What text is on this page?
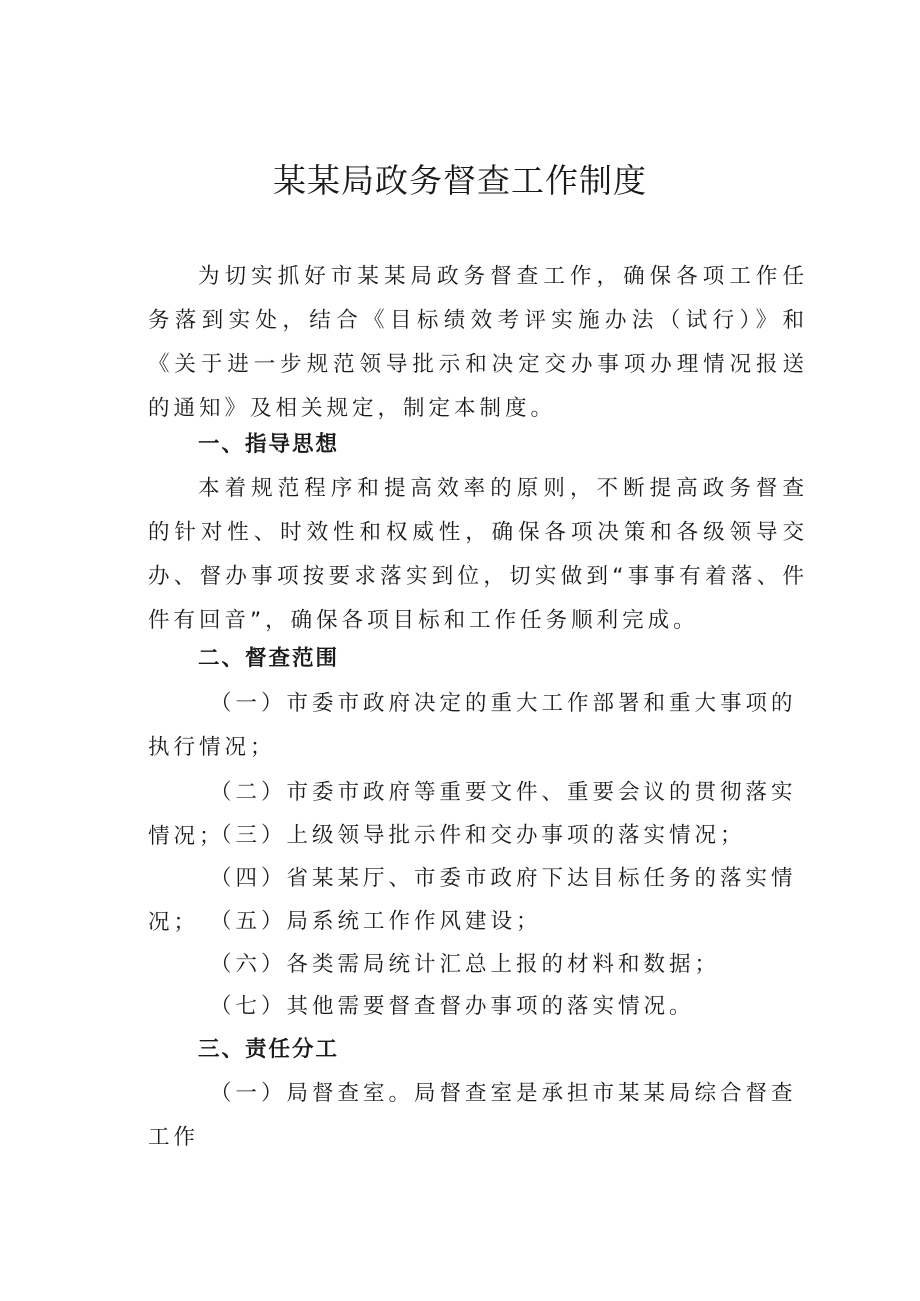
某某局政务督查工作制度

为切实抓好市某某局政务督查工作，确保各项工作任务落到实处，结合《目标绩效考评实施办法（试行）》和《关于进一步规范领导批示和决定交办事项办理情况报送的通知》及相关规定，制定本制度。

一、指导思想

本着规范程序和提高效率的原则，不断提高政务督查的针对性、时效性和权威性，确保各项决策和各级领导交办、督办事项按要求落实到位，切实做到“事事有着落、件件有回音”，确保各项目标和工作任务顺利完成。

二、督查范围

（一）市委市政府决定的重大工作部署和重大事项的执行情况；

（二）市委市政府等重要文件、重要会议的贯彻落实情况；

（三）上级领导批示件和交办事项的落实情况；

（四）省某某厅、市委市政府下达目标任务的落实情况； （五）局系统工作作风建设；

（六）各类需局统计汇总上报的材料和数据；

（七）其他需要督查督办事项的落实情况。

三、责任分工

（一）局督查室。局督查室是承担市某某局综合督查工作
